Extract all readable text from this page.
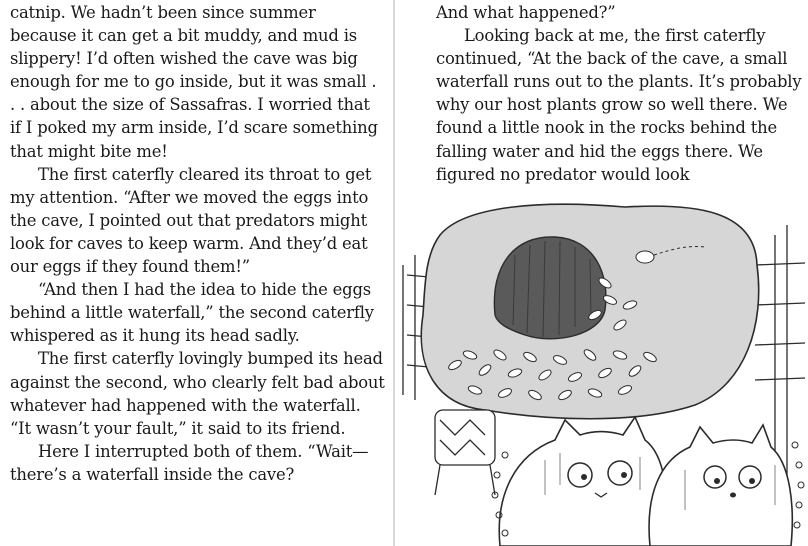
catnip. We hadn’t been since summer because it can get a bit muddy, and mud is slippery! I’d often wished the cave was big enough for me to go inside, but it was small . . . about the size of Sassafras. I worried that if I poked my arm inside, I’d scare something that might bite me!

The first caterfly cleared its throat to get my attention. “After we moved the eggs into the cave, I pointed out that predators might look for caves to keep warm. And they’d eat our eggs if they found them!”

“And then I had the idea to hide the eggs behind a little waterfall,” the second caterfly whispered as it hung its head sadly.

The first caterfly lovingly bumped its head against the second, who clearly felt bad about whatever had happened with the waterfall. “It wasn’t your fault,” it said to its friend.

Here I interrupted both of them. “Wait—there’s a waterfall inside the cave?

And what happened?”

Looking back at me, the first caterfly continued, “At the back of the cave, a small waterfall runs out to the plants. It’s probably why our host plants grow so well there. We found a little nook in the rocks behind the falling water and hid the eggs there. We figured no predator would look
